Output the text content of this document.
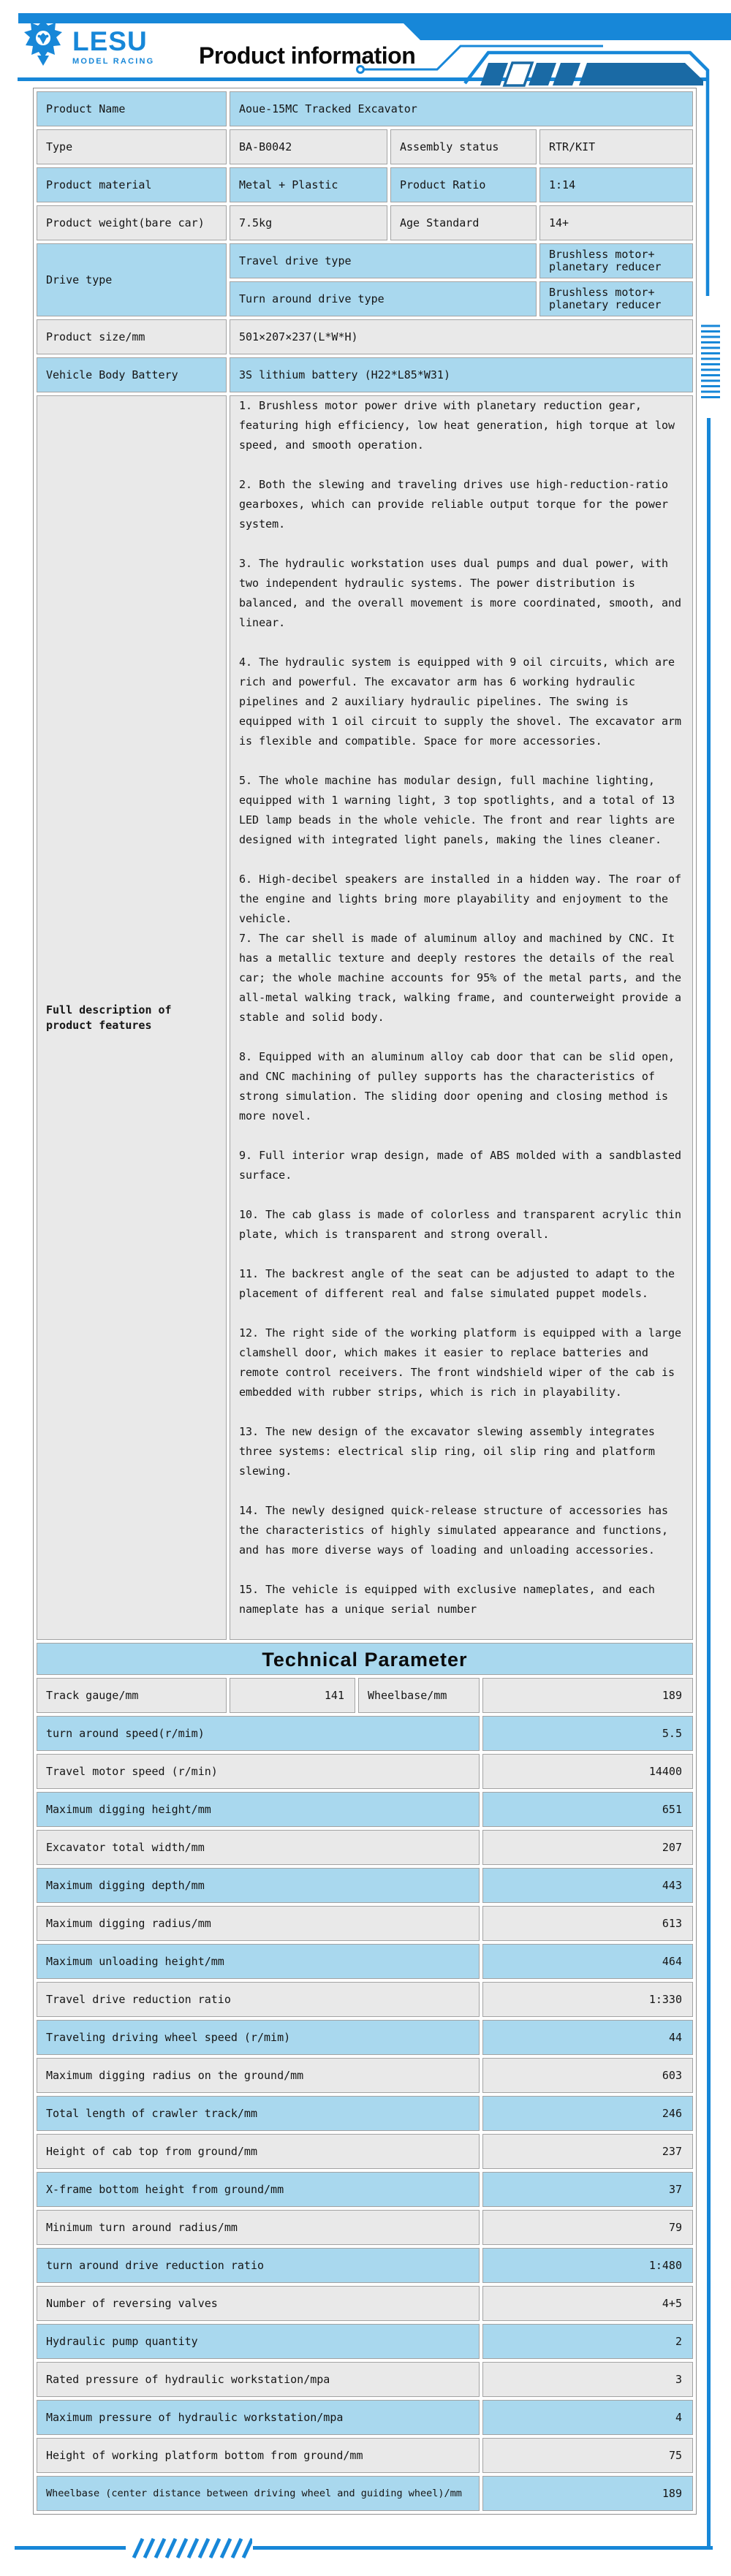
LESU
MODEL RACING Product information
Product Name	Aoue-15MC Tracked Excavator		
Type	BA-B0042	Assembly status	RTR/KIT
Product material	Metal + Plastic	Product Ratio	1:14
Product weight(bare car)	7.5kg	Age Standard	14+
Drive type	Travel drive type		Brushless motor+ planetary reducer
	Turn around drive type		Brushless motor+ planetary reducer
Product size/mm	501×207×237(L*W*H)		
Vehicle Body Battery	3S lithium battery (H22*L85*W31)		
Full description of product features	

1. Brushless motor power drive with planetary reduction gear, featuring high efficiency, low heat generation, high torque at low speed, and smooth operation.

2. Both the slewing and traveling drives use high-reduction-ratio gearboxes, which can provide reliable output torque for the power system.

3. The hydraulic workstation uses dual pumps and dual power, with two independent hydraulic systems. The power distribution is balanced, and the overall movement is more coordinated, smooth, and linear.

4. The hydraulic system is equipped with 9 oil circuits, which are rich and powerful. The excavator arm has 6 working hydraulic pipelines and 2 auxiliary hydraulic pipelines. The swing is equipped with 1 oil circuit to supply the shovel. The excavator arm is flexible and compatible. Space for more accessories.

5. The whole machine has modular design, full machine lighting, equipped with 1 warning light, 3 top spotlights, and a total of 13 LED lamp beads in the whole vehicle. The front and rear lights are designed with integrated light panels, making the lines cleaner.

6. High-decibel speakers are installed in a hidden way. The roar of the engine and lights bring more playability and enjoyment to the vehicle.

7. The car shell is made of aluminum alloy and machined by CNC. It has a metallic texture and deeply restores the details of the real car; the whole machine accounts for 95% of the metal parts, and the all-metal walking track, walking frame, and counterweight provide a stable and solid body.

8. Equipped with an aluminum alloy cab door that can be slid open, and CNC machining of pulley supports has the characteristics of strong simulation. The sliding door opening and closing method is more novel.

9. Full interior wrap design, made of ABS molded with a sandblasted surface.

10. The cab glass is made of colorless and transparent acrylic thin plate, which is transparent and strong overall.

11. The backrest angle of the seat can be adjusted to adapt to the placement of different real and false simulated puppet models.

12. The right side of the working platform is equipped with a large clamshell door, which makes it easier to replace batteries and remote control receivers. The front windshield wiper of the cab is embedded with rubber strips, which is rich in playability.

13. The new design of the excavator slewing assembly integrates three systems: electrical slip ring, oil slip ring and platform slewing.

14. The newly designed quick-release structure of accessories has the characteristics of highly simulated appearance and functions, and has more diverse ways of loading and unloading accessories.

15. The vehicle is equipped with exclusive nameplates, and each nameplate has a unique serial number

Technical Parameter
Track gauge/mm	141	Wheelbase/mm	189
turn around speed(r/mim)			5.5
Travel motor speed (r/min)			14400
Maximum digging height/mm			651
Excavator total width/mm			207
Maximum digging depth/mm			443
Maximum digging radius/mm			613
Maximum unloading height/mm			464
Travel drive reduction ratio			1:330
Traveling driving wheel speed (r/mim)			44
Maximum digging radius on the ground/mm			603
Total length of crawler track/mm			246
Height of cab top from ground/mm			237
X-frame bottom height from ground/mm			37
Minimum turn around radius/mm			79
turn around drive reduction ratio			1:480
Number of reversing valves			4+5
Hydraulic pump quantity			2
Rated pressure of hydraulic workstation/mpa			3
Maximum pressure of hydraulic workstation/mpa			4
Height of working platform bottom from ground/mm			75
Wheelbase (center distance between driving wheel and guiding wheel)/mm			189
